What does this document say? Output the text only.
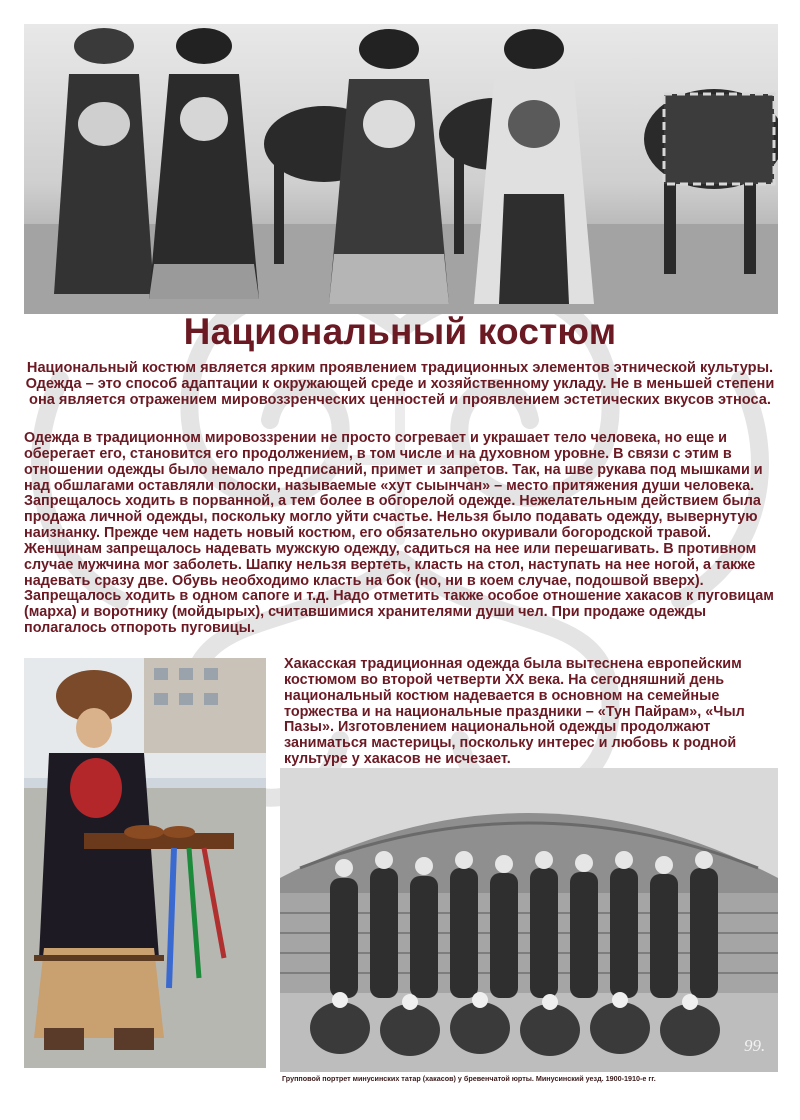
Национальный костюм

Национальный костюм является ярким проявлением традиционных элементов этнической культуры. Одежда – это способ адаптации к окружающей среде и хозяйственному укладу. Не в меньшей степени она является отражением мировоззренческих ценностей и проявлением эстетических вкусов этноса.

Одежда в традиционном мировоззрении не просто согревает и украшает тело человека, но еще и оберегает его, становится его продолжением, в том числе и на духовном уровне. В связи с этим в отношении одежды было немало предписаний, примет и запретов. Так, на шве рукава под мышками и над обшлагами оставляли полоски, называемые «хут сыынчан» – место притяжения души человека. Запрещалось ходить в порванной, а тем более в обгорелой одежде. Нежелательным действием была продажа личной одежды, поскольку могло уйти счастье. Нельзя было подавать одежду, вывернутую наизнанку. Прежде чем надеть новый костюм, его обязательно окуривали богородской травой. Женщинам запрещалось надевать мужскую одежду, садиться на нее или перешагивать. В противном случае мужчина мог заболеть. Шапку нельзя вертеть, класть на стол, наступать на нее ногой, а также надевать сразу две. Обувь необходимо класть на бок (но, ни в коем случае, подошвой вверх). Запрещалось ходить в одном сапоге и т.д. Надо отметить также особое отношение хакасов к пуговицам (марха) и воротнику (мойдырых), считавшимися хранителями души чел. При продаже одежды полагалось отпороть пуговицы.

Хакасская традиционная одежда была вытеснена европейским костюмом во второй четверти XX века. На сегодняшний день национальный костюм надевается в основном на семейные торжества и на национальные праздники – «Тун Пайрам», «Чыл Пазы». Изготовлением национальной одежды продолжают заниматься мастерицы, поскольку интерес и любовь к родной культуре у хакасов не исчезает.

99.

Групповой портрет минусинских татар (хакасов) у бревенчатой юрты. Минусинский уезд. 1900-1910-е гг.
